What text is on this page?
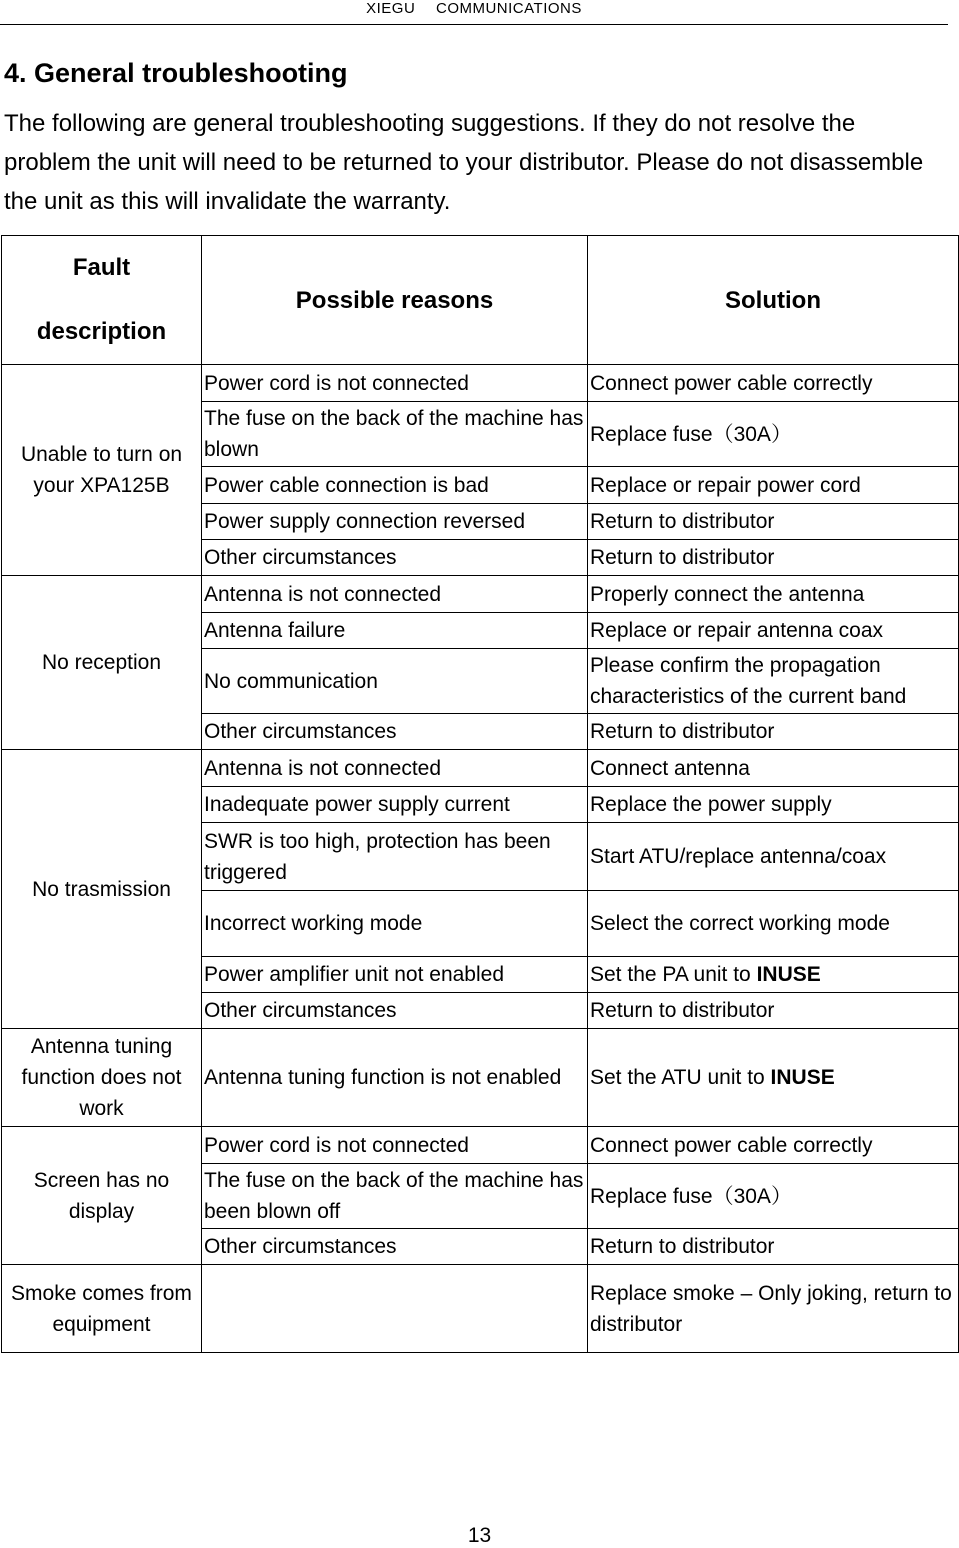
XIEGU COMMUNICATIONS
4. General troubleshooting

The following are general troubleshooting suggestions. If they do not resolve the problem the unit will need to be returned to your distributor. Please do not disassemble the unit as this will invalidate the warranty.

Fault
description	Possible reasons	Solution
Unable to turn on your XPA125B	Power cord is not connected	Connect power cable correctly
	The fuse on the back of the machine has blown	Replace fuse（30A）
	Power cable connection is bad	Replace or repair power cord
	Power supply connection reversed	Return to distributor
	Other circumstances	Return to distributor
No reception	Antenna is not connected	Properly connect the antenna
	Antenna failure	Replace or repair antenna coax
	No communication	Please confirm the propagation characteristics of the current band
	Other circumstances	Return to distributor
No trasmission	Antenna is not connected	Connect antenna
	Inadequate power supply current	Replace the power supply
	SWR is too high, protection has been triggered	Start ATU/replace antenna/coax
	Incorrect working mode	Select the correct working mode
	Power amplifier unit not enabled	Set the PA unit to INUSE
	Other circumstances	Return to distributor
Antenna tuning function does not work	Antenna tuning function is not enabled	Set the ATU unit to INUSE
Screen has no display	Power cord is not connected	Connect power cable correctly
	The fuse on the back of the machine has been blown off	Replace fuse（30A）
	Other circumstances	Return to distributor
Smoke comes from equipment		Replace smoke – Only joking, return to distributor
13
